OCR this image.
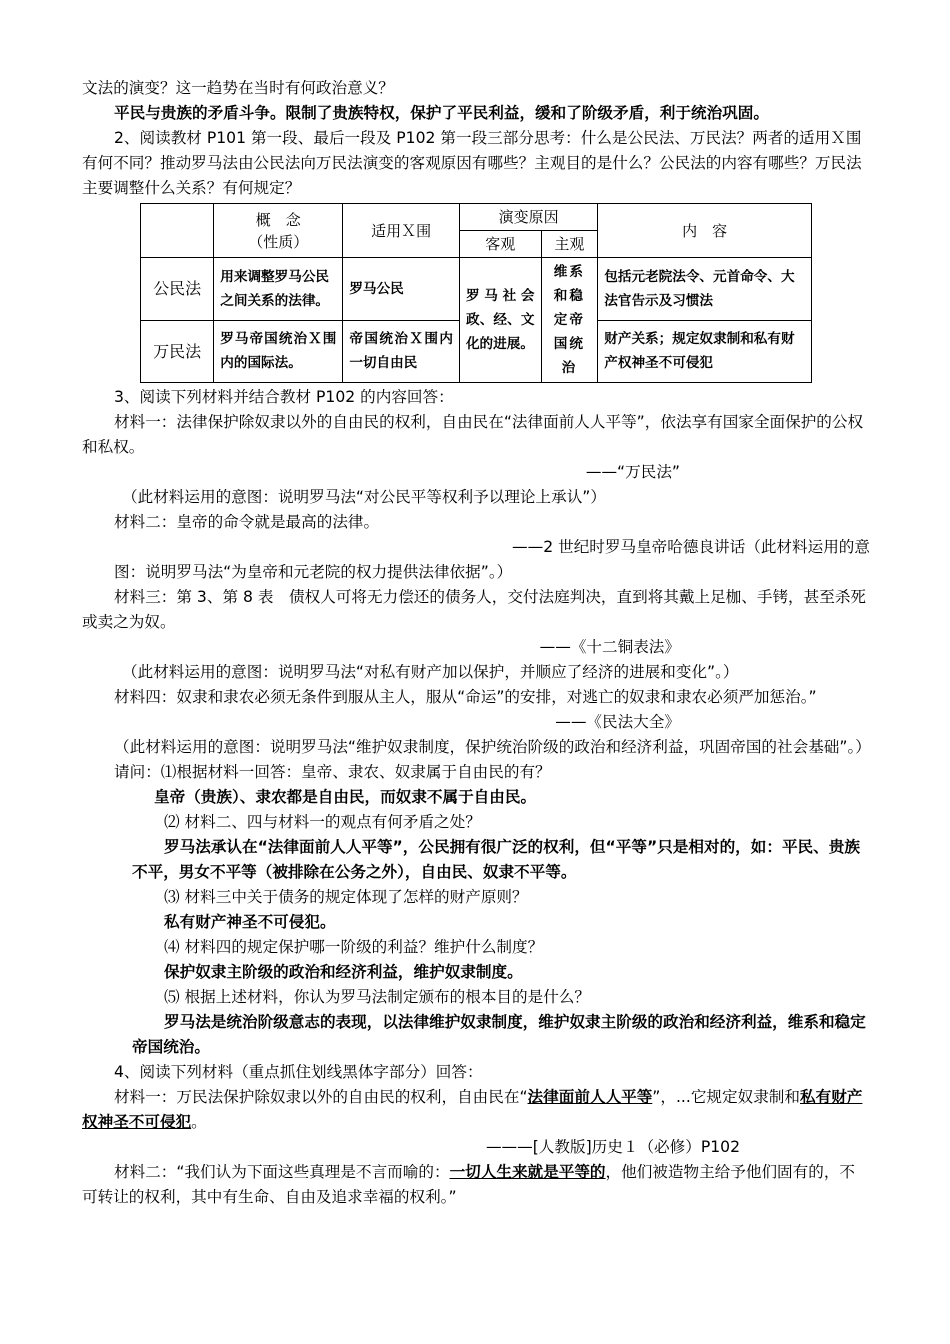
文法的演变？这一趋势在当时有何政治意义？

平民与贵族的矛盾斗争。限制了贵族特权，保护了平民利益，缓和了阶级矛盾，利于统治巩固。

2、阅读教材 P101 第一段、最后一段及 P102 第一段三部分思考：什么是公民法、万民法？两者的适用Ｘ围有何不同？推动罗马法由公民法向万民法演变的客观原因有哪些？主观目的是什么？公民法的内容有哪些？万民法主要调整什么关系？有何规定？

	概　念
（性质）	适用Ｘ围	演变原因		内　容
			客观	主观	
公民法	用来调整罗马公民之间关系的法律。	罗马公民	罗马社会政、经、文化的进展。	维系和稳定帝国统治	包括元老院法令、元首命令、大法官告示及习惯法
万民法	罗马帝国统治Ｘ围内的国际法。	帝国统治Ｘ围内一切自由民			财产关系；规定奴隶制和私有财产权神圣不可侵犯

3、阅读下列材料并结合教材 P102 的内容回答：

材料一：法律保护除奴隶以外的自由民的权利，自由民在“法律面前人人平等”，依法享有国家全面保护的公权和私权。

——“万民法”

（此材料运用的意图：说明罗马法“对公民平等权利予以理论上承认”）

材料二：皇帝的命令就是最高的法律。

——2 世纪时罗马皇帝哈德良讲话（此材料运用的意

图：说明罗马法“为皇帝和元老院的权力提供法律依据”。）

材料三：第 3、第 8 表　债权人可将无力偿还的债务人，交付法庭判决，直到将其戴上足枷、手铐，甚至杀死或卖之为奴。

——《十二铜表法》

（此材料运用的意图：说明罗马法“对私有财产加以保护，并顺应了经济的进展和变化”。）

材料四：奴隶和隶农必须无条件到服从主人，服从“命运”的安排，对逃亡的奴隶和隶农必须严加惩治。”

——《民法大全》

（此材料运用的意图：说明罗马法“维护奴隶制度，保护统治阶级的政治和经济利益，巩固帝国的社会基础”。）

请问：⑴根据材料一回答：皇帝、隶农、奴隶属于自由民的有？

皇帝（贵族）、隶农都是自由民，而奴隶不属于自由民。

⑵ 材料二、四与材料一的观点有何矛盾之处？

罗马法承认在“法律面前人人平等”，公民拥有很广泛的权利，但“平等”只是相对的，如：平民、贵族不平，男女不平等（被排除在公务之外），自由民、奴隶不平等。

⑶ 材料三中关于债务的规定体现了怎样的财产原则？

私有财产神圣不可侵犯。

⑷ 材料四的规定保护哪一阶级的利益？维护什么制度？

保护奴隶主阶级的政治和经济利益，维护奴隶制度。

⑸ 根据上述材料，你认为罗马法制定颁布的根本目的是什么？

罗马法是统治阶级意志的表现，以法律维护奴隶制度，维护奴隶主阶级的政治和经济利益，维系和稳定帝国统治。

4、阅读下列材料（重点抓住划线黑体字部分）回答：

材料一：万民法保护除奴隶以外的自由民的权利，自由民在“法律面前人人平等”，...它规定奴隶制和私有财产权神圣不可侵犯。

———[人教版]历史１（必修）P102

材料二：“我们认为下面这些真理是不言而喻的：一切人生来就是平等的，他们被造物主给予他们固有的，不可转让的权利，其中有生命、自由及追求幸福的权利。”
